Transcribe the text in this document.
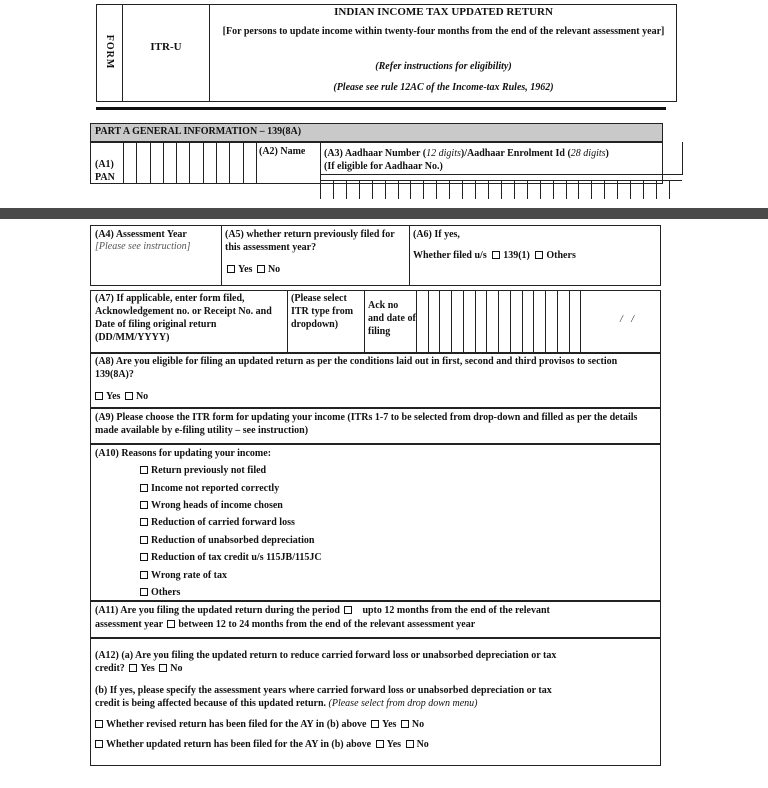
FORM	ITR-U
INDIAN INCOME TAX UPDATED RETURN
[For persons to update income within twenty-four months from the end of the relevant assessment year]
(Refer instructions for eligibility)
(Please see rule 12AC of the Income-tax Rules, 1962)
PART A GENERAL INFORMATION – 139(8A)
(A1)
PAN
(A2) Name (A3) Aadhaar Number (12 digits)/Aadhaar Enrolment Id (28 digits)
(If eligible for Aadhaar No.)
(A4) Assessment Year
[Please see instruction]
(A5) whether return previously filed for this assessment year?
Yes No
(A6) If yes,
Whether filed u/s 139(1) Others
(A7) If applicable, enter form filed, Acknowledgement no. or Receipt No. and Date of filing original return (DD/MM/YYYY)
(Please select ITR type from dropdown)
Ack no and date of filing
/ /
(A8) Are you eligible for filing an updated return as per the conditions laid out in first, second and third provisos to section 139(8A)?
Yes No
(A9) Please choose the ITR form for updating your income (ITRs 1-7 to be selected from drop-down and filled as per the details made available by e-filing utility – see instruction)
(A10) Reasons for updating your income:
Return previously not filed
Income not reported correctly
Wrong heads of income chosen
Reduction of carried forward loss
Reduction of unabsorbed depreciation
Reduction of tax credit u/s 115JB/115JC
Wrong rate of tax
Others
(A11) Are you filing the updated return during the period upto 12 months from the end of the relevant
assessment year between 12 to 24 months from the end of the relevant assessment year
(A12) (a) Are you filing the updated return to reduce carried forward loss or unabsorbed depreciation or tax
credit? Yes No
(b) If yes, please specify the assessment years where carried forward loss or unabsorbed depreciation or tax
credit is being affected because of this updated return. (Please select from drop down menu)
Whether revised return has been filed for the AY in (b) above Yes No
Whether updated return has been filed for the AY in (b) above Yes No
